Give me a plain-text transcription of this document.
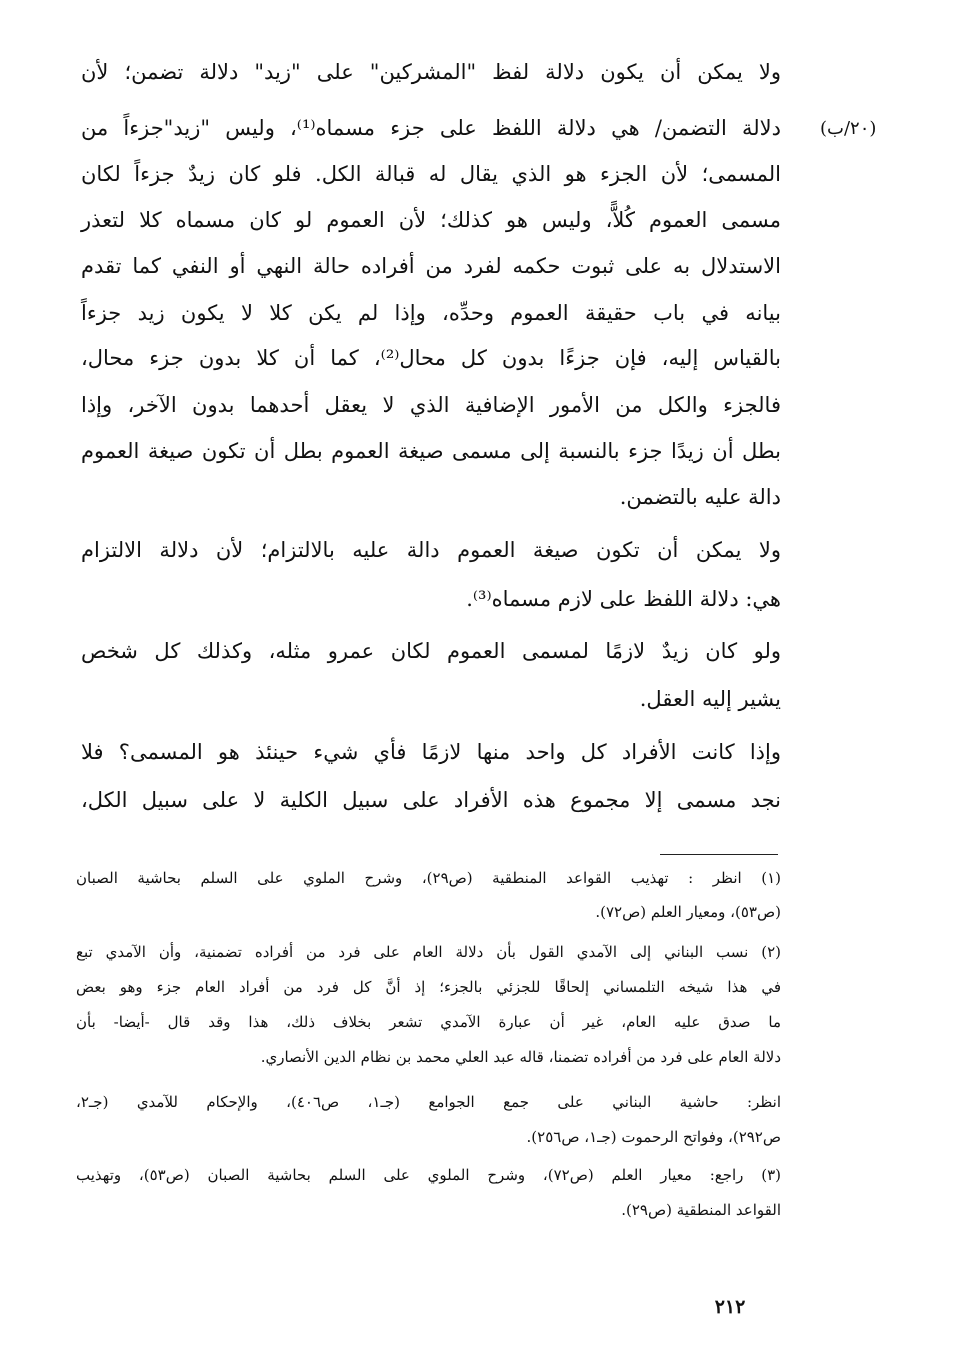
(۲۰/ب)
ولا يمكن أن يكون دلالة لفظ "المشركين" على "زيد" دلالة تضمن؛ لأن
دلالة التضمن/ هي دلالة اللفظ على جزء مسماه⁽¹⁾، وليس "زيد"جزءاً من
المسمى؛ لأن الجزء هو الذي يقال له قبالة الكل. فلو كان زيدٌ جزءاً لكان
مسمى العموم كُلاًّ، وليس هو كذلك؛ لأن العموم لو كان مسماه كلا لتعذر
الاستدلال به على ثبوت حكمه لفرد من أفراده حالة النهي أو النفي كما تقدم
بيانه في باب حقيقة العموم وحدِّه، وإذا لم يكن كلا لا يكون زيد جزءاً
بالقياس إليه، فإن جزءًا بدون كل محال⁽²⁾، كما أن كلا بدون جزء محال،
فالجزء والكل من الأمور الإضافية الذي لا يعقل أحدهما بدون الآخر، وإذا
بطل أن زيدًا جزء بالنسبة إلى مسمى صيغة العموم بطل أن تكون صيغة العموم
دالة عليه بالتضمن.
ولا يمكن أن تكون صيغة العموم دالة عليه بالالتزام؛ لأن دلالة الالتزام
هي: دلالة اللفظ على لازم مسماه⁽³⁾.
ولو كان زيدٌ لازمًا لمسمى العموم لكان عمرو مثله، وكذلك كل شخص
يشير إليه العقل.
وإذا كانت الأفراد كل واحد منها لازمًا فأي شيء حينئذ هو المسمى؟ فلا
نجد مسمى إلا مجموع هذه الأفراد على سبيل الكلية لا على سبيل الكل،
(١) انظر : تهذيب القواعد المنطقية (ص٢٩)، وشرح الملوي على السلم بحاشية الصبان
(ص٥٣)، ومعيار العلم (ص٧٢).
(٢) نسب البناني إلى الآمدي القول بأن دلالة العام على فرد من أفراده تضمنية، وأن الآمدي تبع
في هذا شيخه التلمساني إلحاقًا للجزئي بالجزء؛ إذ أنَّ كل فرد من أفراد العام جزء وهو بعض
ما صدق عليه العام، غير أن عبارة الآمدي تشعر بخلاف ذلك، هذا وقد قال -أيضا- بأن
دلالة العام على فرد من أفراده تضمنا، قاله عبد العلي محمد بن نظام الدين الأنصاري.
انظر: حاشية البناني على جمع الجوامع (جـ١، ص٤٠٦)، والإحكام للآمدي (جـ٢،
ص٢٩٢)، وفواتح الرحموت (جـ١، ص٢٥٦).
(٣) راجع: معيار العلم (ص٧٢)، وشرح الملوي على السلم بحاشية الصبان (ص٥٣)، وتهذيب
القواعد المنطقية (ص٢٩).
٢١٢
